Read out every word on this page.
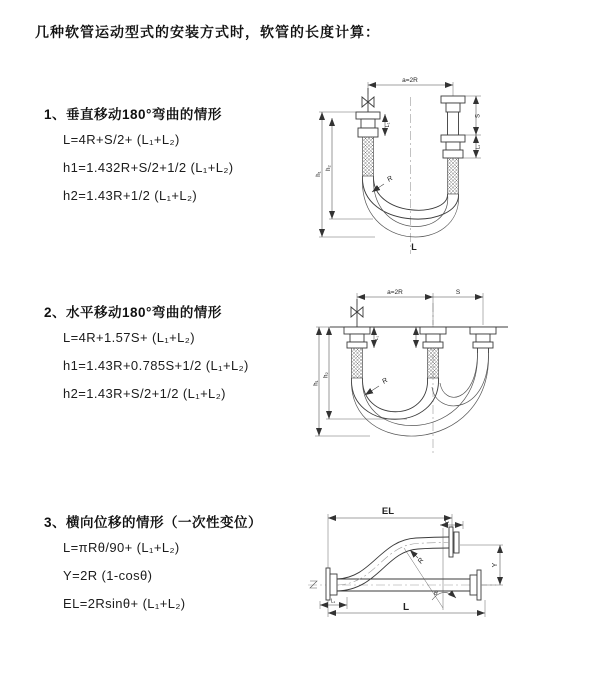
几种软管运动型式的安装方式时，软管的长度计算：
1、垂直移动180°弯曲的情形
L=4R+S/2+ (L₁+L₂)
h1=1.432R+S/2+1/2 (L₁+L₂)
h2=1.43R+1/2 (L₁+L₂)
a=2R
h₁
h₂
L₁
S
L₁
R
L
2、水平移动180°弯曲的情形
L=4R+1.57S+ (L₁+L₂)
h1=1.43R+0.785S+1/2 (L₁+L₂)
h2=1.43R+S/2+1/2 (L₁+L₂)
a=2R	S
h₁
h₂
L₁
R
3、横向位移的情形（一次性变位）
L=πRθ/90+ (L₁+L₂)
Y=2R (1-cosθ)
EL=2Rsinθ+ (L₁+L₂)
EL
L₁
R
θ
Y
L
L₁
